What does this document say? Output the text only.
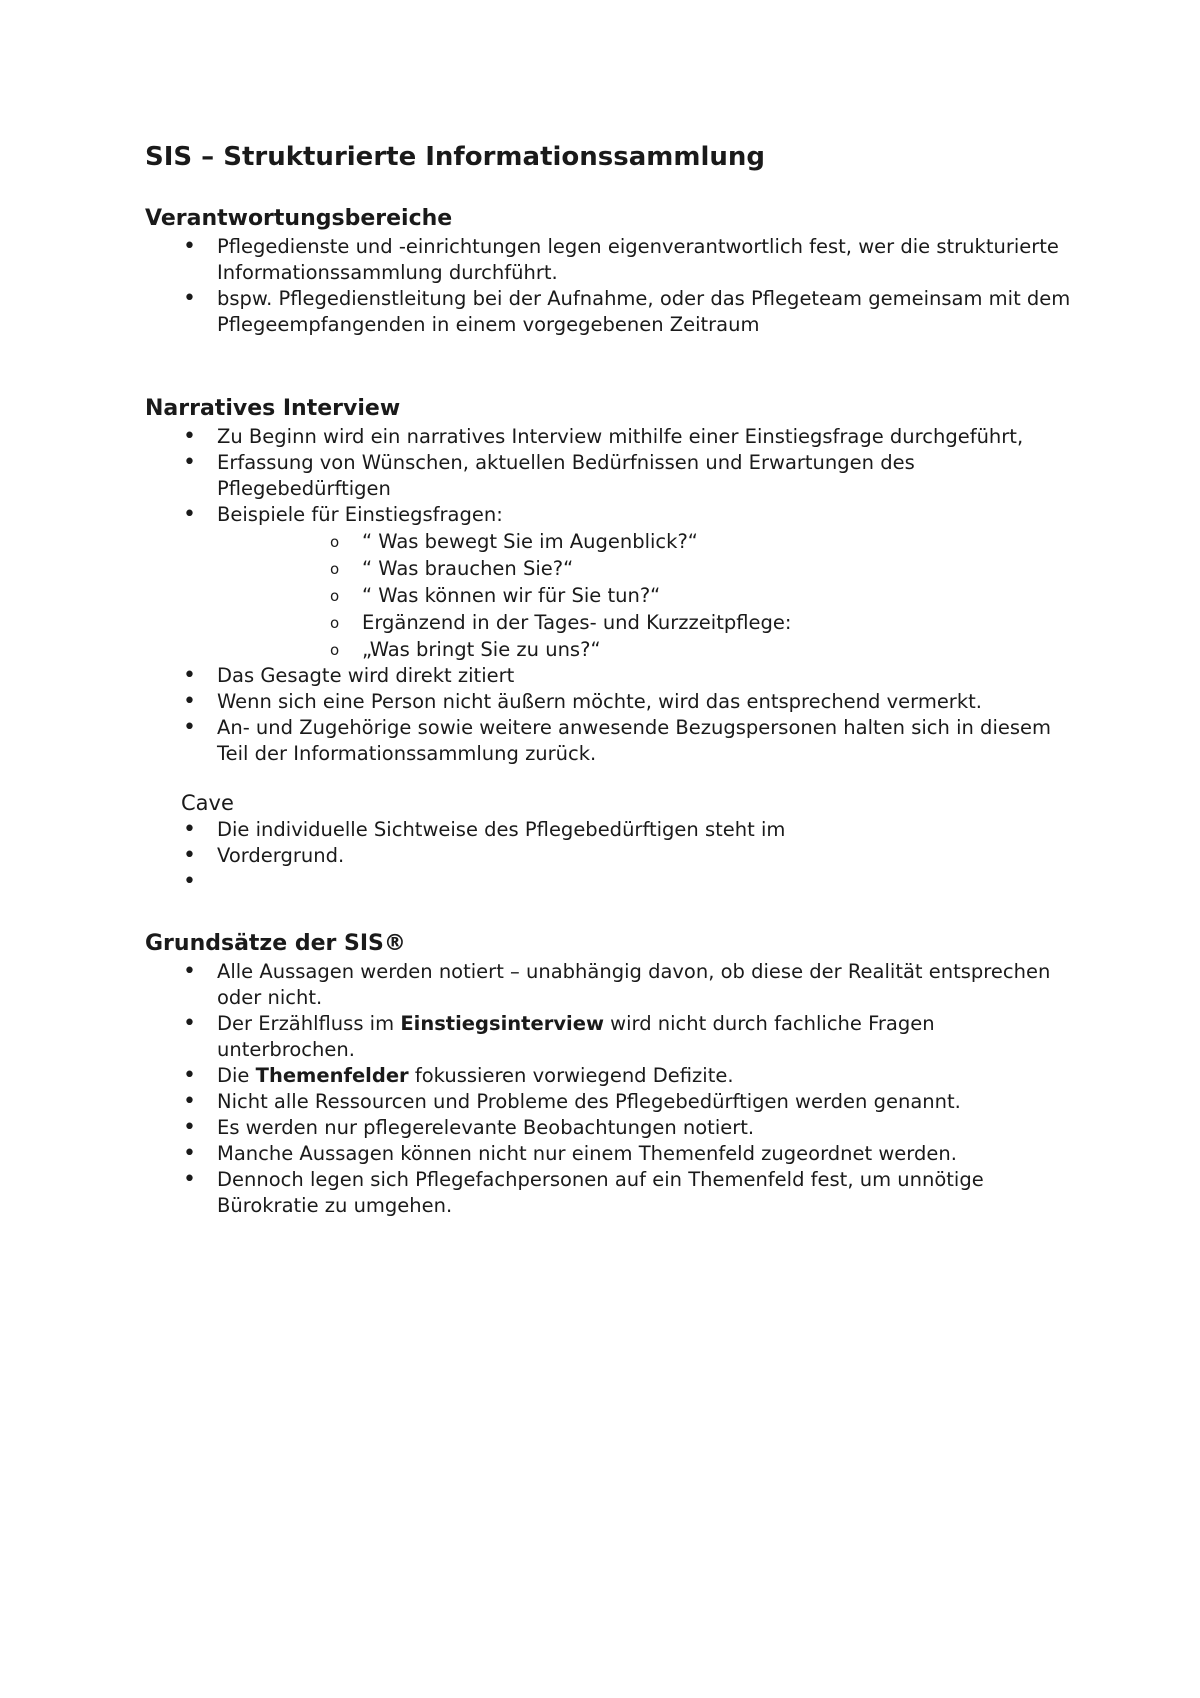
SIS – Strukturierte Informationssammlung
Verantwortungsbereiche
• Pflegedienste und -einrichtungen legen eigenverantwortlich fest, wer die strukturierte Informationssammlung durchführt.
• bspw. Pflegedienstleitung bei der Aufnahme, oder das Pflegeteam gemeinsam mit dem Pflegeempfangenden in einem vorgegebenen Zeitraum
Narratives Interview
• Zu Beginn wird ein narratives Interview mithilfe einer Einstiegsfrage durchgeführt,
• Erfassung von Wünschen, aktuellen Bedürfnissen und Erwartungen des Pflegebedürftigen
• Beispiele für Einstiegsfragen:
o “ Was bewegt Sie im Augenblick?“
o “ Was brauchen Sie?“
o “ Was können wir für Sie tun?“
o Ergänzend in der Tages- und Kurzzeitpflege:
o „Was bringt Sie zu uns?“
• Das Gesagte wird direkt zitiert
• Wenn sich eine Person nicht äußern möchte, wird das entsprechend vermerkt.
• An- und Zugehörige sowie weitere anwesende Bezugspersonen halten sich in diesem Teil der Informationssammlung zurück.
Cave
• Die individuelle Sichtweise des Pflegebedürftigen steht im
• Vordergrund.
•
Grundsätze der SIS®
• Alle Aussagen werden notiert – unabhängig davon, ob diese der Realität entsprechen oder nicht.
• Der Erzählfluss im Einstiegsinterview wird nicht durch fachliche Fragen unterbrochen.
• Die Themenfelder fokussieren vorwiegend Defizite.
• Nicht alle Ressourcen und Probleme des Pflegebedürftigen werden genannt.
• Es werden nur pflegerelevante Beobachtungen notiert.
• Manche Aussagen können nicht nur einem Themenfeld zugeordnet werden.
• Dennoch legen sich Pflegefachpersonen auf ein Themenfeld fest, um unnötige Bürokratie zu umgehen.
